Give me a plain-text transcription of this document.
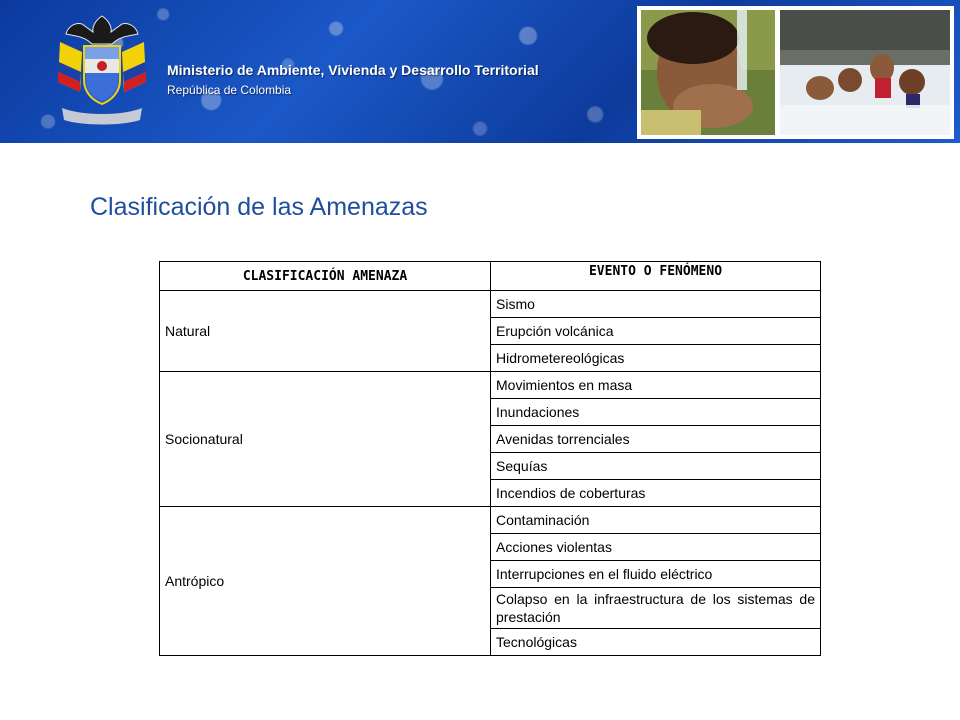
Ministerio de Ambiente, Vivienda y Desarrollo Territorial
República de Colombia
Clasificación de las Amenazas
CLASIFICACIÓN AMENAZA	EVENTO O FENÓMENO
Natural	Sismo
	Erupción volcánica
	Hidrometereológicas
Socionatural	Movimientos en masa
	Inundaciones
	Avenidas torrenciales
	Sequías
	Incendios de coberturas
Antrópico	Contaminación
	Acciones violentas
	Interrupciones en el fluido eléctrico
	Colapso en la infraestructura de los sistemas de prestación
	Tecnológicas
